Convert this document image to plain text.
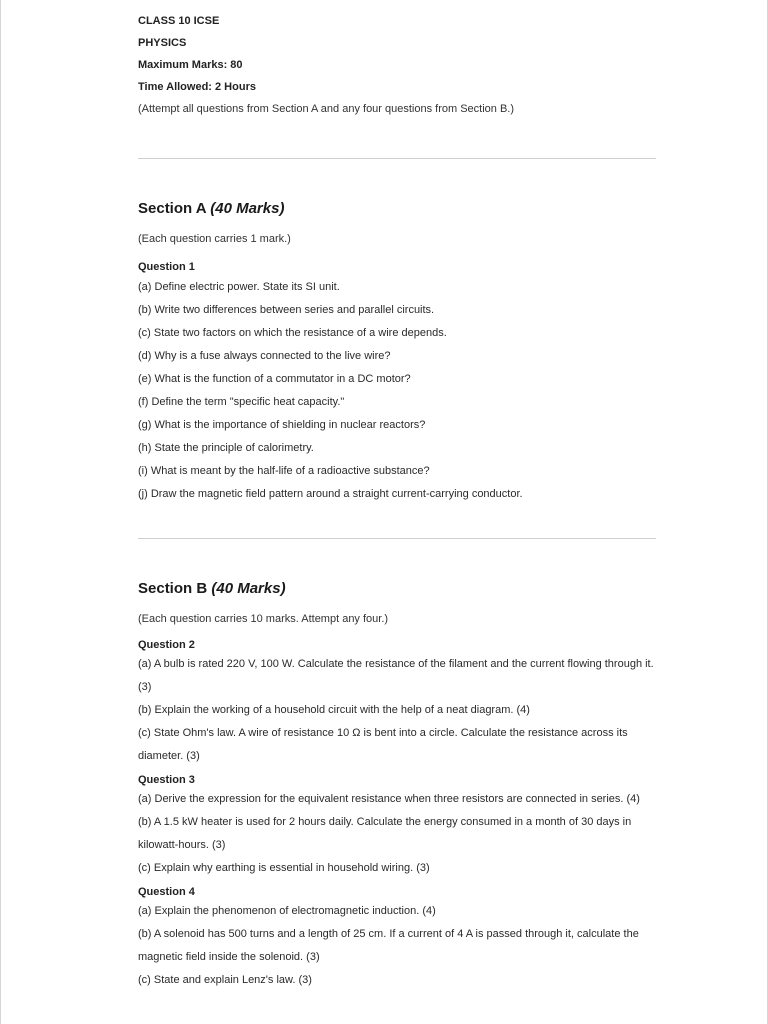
CLASS 10 ICSE
PHYSICS
Maximum Marks: 80
Time Allowed: 2 Hours
(Attempt all questions from Section A and any four questions from Section B.)
Section A (40 Marks)
(Each question carries 1 mark.)
Question 1
(a) Define electric power. State its SI unit.
(b) Write two differences between series and parallel circuits.
(c) State two factors on which the resistance of a wire depends.
(d) Why is a fuse always connected to the live wire?
(e) What is the function of a commutator in a DC motor?
(f) Define the term "specific heat capacity."
(g) What is the importance of shielding in nuclear reactors?
(h) State the principle of calorimetry.
(i) What is meant by the half-life of a radioactive substance?
(j) Draw the magnetic field pattern around a straight current-carrying conductor.
Section B (40 Marks)
(Each question carries 10 marks. Attempt any four.)
Question 2
(a) A bulb is rated 220 V, 100 W. Calculate the resistance of the filament and the current flowing through it. (3)
(b) Explain the working of a household circuit with the help of a neat diagram. (4)
(c) State Ohm's law. A wire of resistance 10 Ω is bent into a circle. Calculate the resistance across its diameter. (3)
Question 3
(a) Derive the expression for the equivalent resistance when three resistors are connected in series. (4)
(b) A 1.5 kW heater is used for 2 hours daily. Calculate the energy consumed in a month of 30 days in kilowatt-hours. (3)
(c) Explain why earthing is essential in household wiring. (3)
Question 4
(a) Explain the phenomenon of electromagnetic induction. (4)
(b) A solenoid has 500 turns and a length of 25 cm. If a current of 4 A is passed through it, calculate the magnetic field inside the solenoid. (3)
(c) State and explain Lenz's law. (3)
